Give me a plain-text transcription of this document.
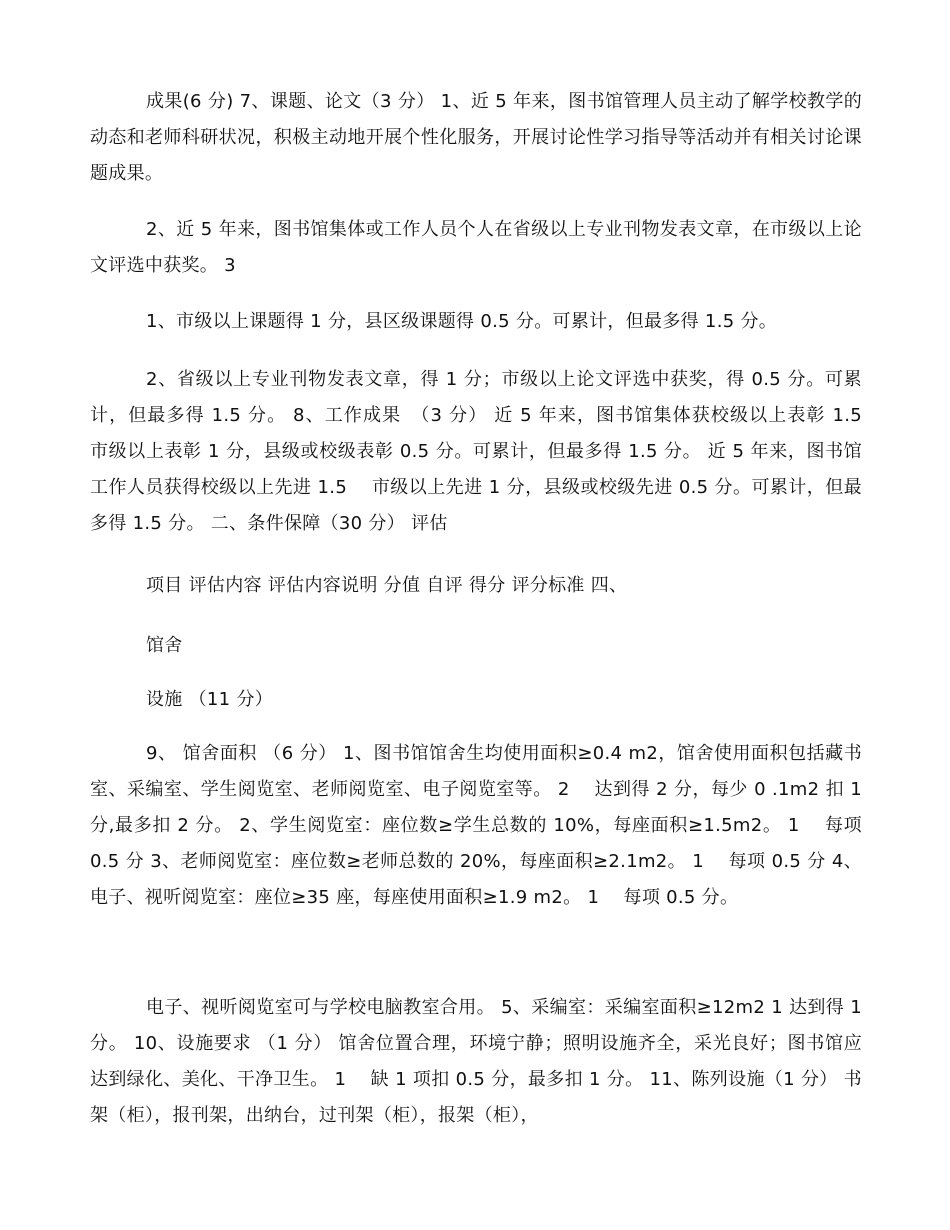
成果(6 分) 7、课题、论文（3 分） 1、近 5 年来，图书馆管理人员主动了解学校教学的动态和老师科研状况，积极主动地开展个性化服务，开展讨论性学习指导等活动并有相关讨论课题成果。

2、近 5 年来，图书馆集体或工作人员个人在省级以上专业刊物发表文章，在市级以上论文评选中获奖。 3

1、市级以上课题得 1 分，县区级课题得 0.5 分。可累计，但最多得 1.5 分。

2、省级以上专业刊物发表文章，得 1 分；市级以上论文评选中获奖，得 0.5 分。可累计，但最多得 1.5 分。 8、工作成果　（3 分） 近 5 年来，图书馆集体获校级以上表彰 1.5　 市级以上表彰 1 分，县级或校级表彰 0.5 分。可累计，但最多得 1.5 分。 近 5 年来，图书馆工作人员获得校级以上先进 1.5　 市级以上先进 1 分，县级或校级先进 0.5 分。可累计，但最多得 1.5 分。 二、条件保障（30 分） 评估

项目 评估内容 评估内容说明 分值 自评 得分 评分标准 四、

馆舍

设施 （11 分）

9、 馆舍面积 （6 分） 1、图书馆馆舍生均使用面积≥0.4 m2，馆舍使用面积包括藏书室、采编室、学生阅览室、老师阅览室、电子阅览室等。 2　 达到得 2 分，每少 0 .1m2 扣 1 分,最多扣 2 分。 2、学生阅览室：座位数≥学生总数的 10%，每座面积≥1.5m2。 1　 每项 0.5 分 3、老师阅览室：座位数≥老师总数的 20%，每座面积≥2.1m2。 1　 每项 0.5 分 4、电子、视听阅览室：座位≥35 座，每座使用面积≥1.9 m2。 1　 每项 0.5 分。

电子、视听阅览室可与学校电脑教室合用。 5、采编室：采编室面积≥12m2 1 达到得 1 分。 10、设施要求 （1 分） 馆舍位置合理，环境宁静；照明设施齐全，采光良好；图书馆应达到绿化、美化、干净卫生。 1　 缺 1 项扣 0.5 分，最多扣 1 分。 11、陈列设施（1 分） 书架（柜），报刊架，出纳台，过刊架（柜），报架（柜），
